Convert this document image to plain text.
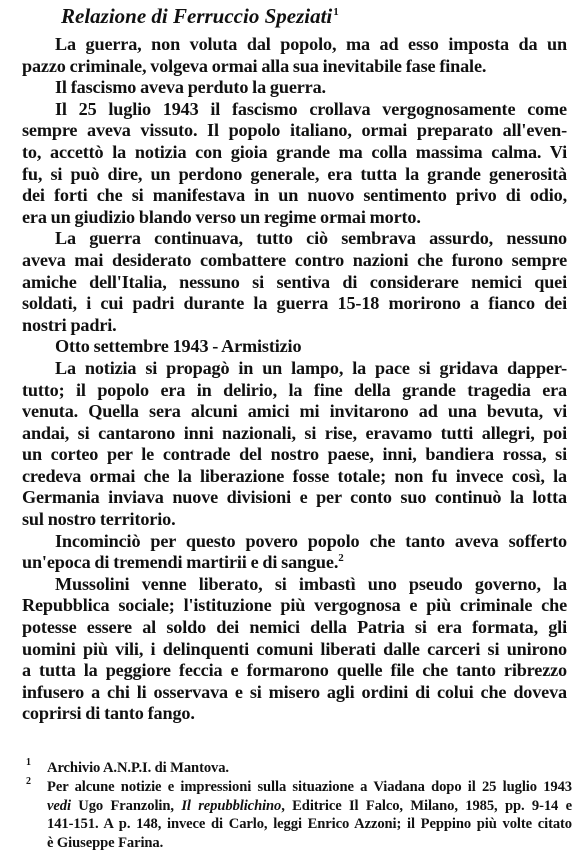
Relazione di Ferruccio Speziati$^1$
La guerra, non voluta dal popolo, ma ad esso imposta da un
pazzo criminale, volgeva ormai alla sua inevitabile fase finale.
Il fascismo aveva perduto la guerra.
Il 25 luglio 1943 il fascismo crollava vergognosamente come
sempre aveva vissuto. Il popolo italiano, ormai preparato all'even-
to, accettò la notizia con gioia grande ma colla massima calma. Vi
fu, si può dire, un perdono generale, era tutta la grande generosità
dei forti che si manifestava in un nuovo sentimento privo di odio,
era un giudizio blando verso un regime ormai morto.
La guerra continuava, tutto ciò sembrava assurdo, nessuno
aveva mai desiderato combattere contro nazioni che furono sempre
amiche dell'Italia, nessuno si sentiva di considerare nemici quei
soldati, i cui padri durante la guerra 15-18 morirono a fianco dei
nostri padri.
Otto settembre 1943 - Armistizio
La notizia si propagò in un lampo, la pace si gridava dapper-
tutto; il popolo era in delirio, la fine della grande tragedia era
venuta. Quella sera alcuni amici mi invitarono ad una bevuta, vi
andai, si cantarono inni nazionali, si rise, eravamo tutti allegri, poi
un corteo per le contrade del nostro paese, inni, bandiera rossa, si
credeva ormai che la liberazione fosse totale; non fu invece così, la
Germania inviava nuove divisioni e per conto suo continuò la lotta
sul nostro territorio.
Incominciò per questo povero popolo che tanto aveva sofferto
un'epoca di tremendi martirii e di sangue.$^2$
Mussolini venne liberato, si imbastì uno pseudo governo, la
Repubblica sociale; l'istituzione più vergognosa e più criminale che
potesse essere al soldo dei nemici della Patria si era formata, gli
uomini più vili, i delinquenti comuni liberati dalle carceri si unirono
a tutta la peggiore feccia e formarono quelle file che tanto ribrezzo
infusero a chi li osservava e si misero agli ordini di colui che doveva
coprirsi di tanto fango.
1	Archivio A.N.P.I. di Mantova.
2	Per alcune notizie e impressioni sulla situazione a Viadana dopo il 25 luglio 1943
vedi Ugo Franzolin, Il repubblichino, Editrice Il Falco, Milano, 1985, pp. 9-14 e
141-151. A p. 148, invece di Carlo, leggi Enrico Azzoni; il Peppino più volte citato
è Giuseppe Farina.
